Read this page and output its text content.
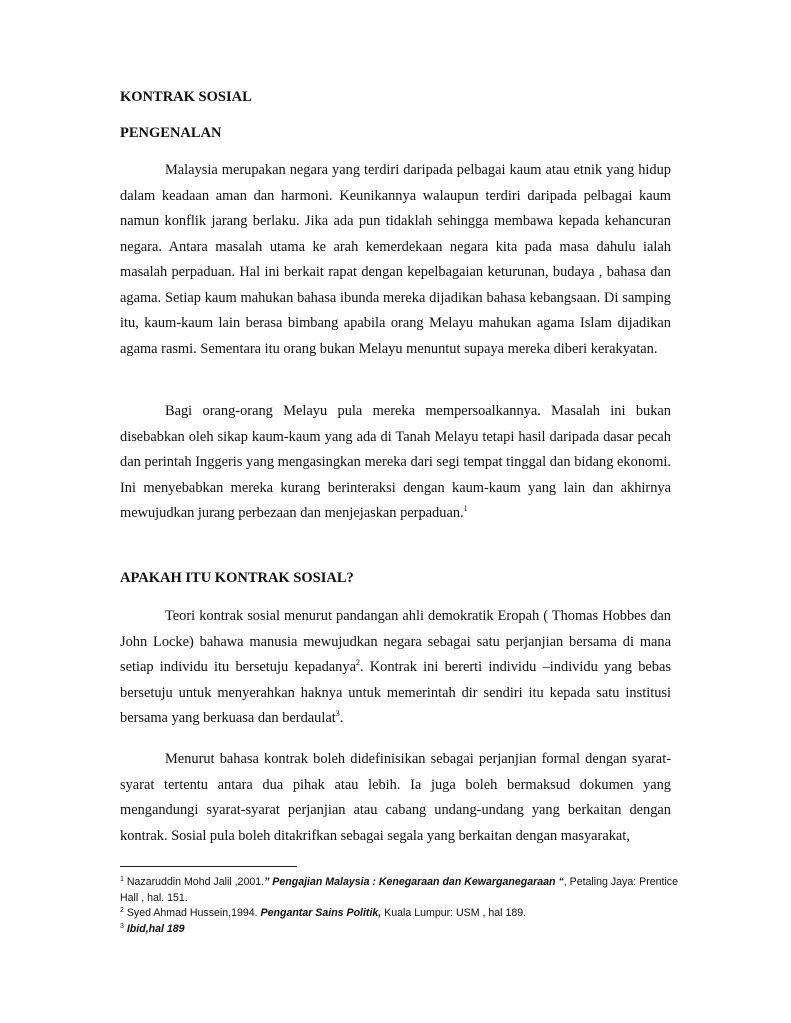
KONTRAK SOSIAL
PENGENALAN

Malaysia merupakan negara yang terdiri daripada pelbagai kaum atau etnik yang hidup dalam keadaan aman dan harmoni. Keunikannya walaupun terdiri daripada pelbagai kaum namun konflik jarang berlaku. Jika ada pun tidaklah sehingga membawa kepada kehancuran negara. Antara masalah utama ke arah kemerdekaan negara kita pada masa dahulu ialah masalah perpaduan. Hal ini berkait rapat dengan kepelbagaian keturunan, budaya , bahasa dan agama. Setiap kaum mahukan bahasa ibunda mereka dijadikan bahasa kebangsaan. Di samping itu, kaum-kaum lain berasa bimbang apabila orang Melayu mahukan agama Islam dijadikan agama rasmi. Sementara itu orang bukan Melayu menuntut supaya mereka diberi kerakyatan.

Bagi orang-orang Melayu pula mereka mempersoalkannya. Masalah ini bukan disebabkan oleh sikap kaum-kaum yang ada di Tanah Melayu tetapi hasil daripada dasar pecah dan perintah Inggeris yang mengasingkan mereka dari segi tempat tinggal dan bidang ekonomi. Ini menyebabkan mereka kurang berinteraksi dengan kaum-kaum yang lain dan akhirnya mewujudkan jurang perbezaan dan menjejaskan perpaduan.$^1$

APAKAH ITU KONTRAK SOSIAL?

Teori kontrak sosial menurut pandangan ahli demokratik Eropah ( Thomas Hobbes dan John Locke) bahawa manusia mewujudkan negara sebagai satu perjanjian bersama di mana setiap individu itu bersetuju kepadanya$^2$. Kontrak ini bererti individu –individu yang bebas bersetuju untuk menyerahkan haknya untuk memerintah dir sendiri itu kepada satu institusi bersama yang berkuasa dan berdaulat$^3$.

Menurut bahasa kontrak boleh didefinisikan sebagai perjanjian formal dengan syarat-syarat tertentu antara dua pihak atau lebih. Ia juga boleh bermaksud dokumen yang mengandungi syarat-syarat perjanjian atau cabang undang-undang yang berkaitan dengan kontrak. Sosial pula boleh ditakrifkan sebagai segala yang berkaitan dengan masyarakat,

$^1$ Nazaruddin Mohd Jalil ,2001.” Pengajian Malaysia : Kenegaraan dan Kewarganegaraan “, Petaling Jaya: Prentice Hall , hal. 151.

$^2$ Syed Ahmad Hussein,1994. Pengantar Sains Politik, Kuala Lumpur: USM , hal 189.

$^3$ Ibid,hal 189
